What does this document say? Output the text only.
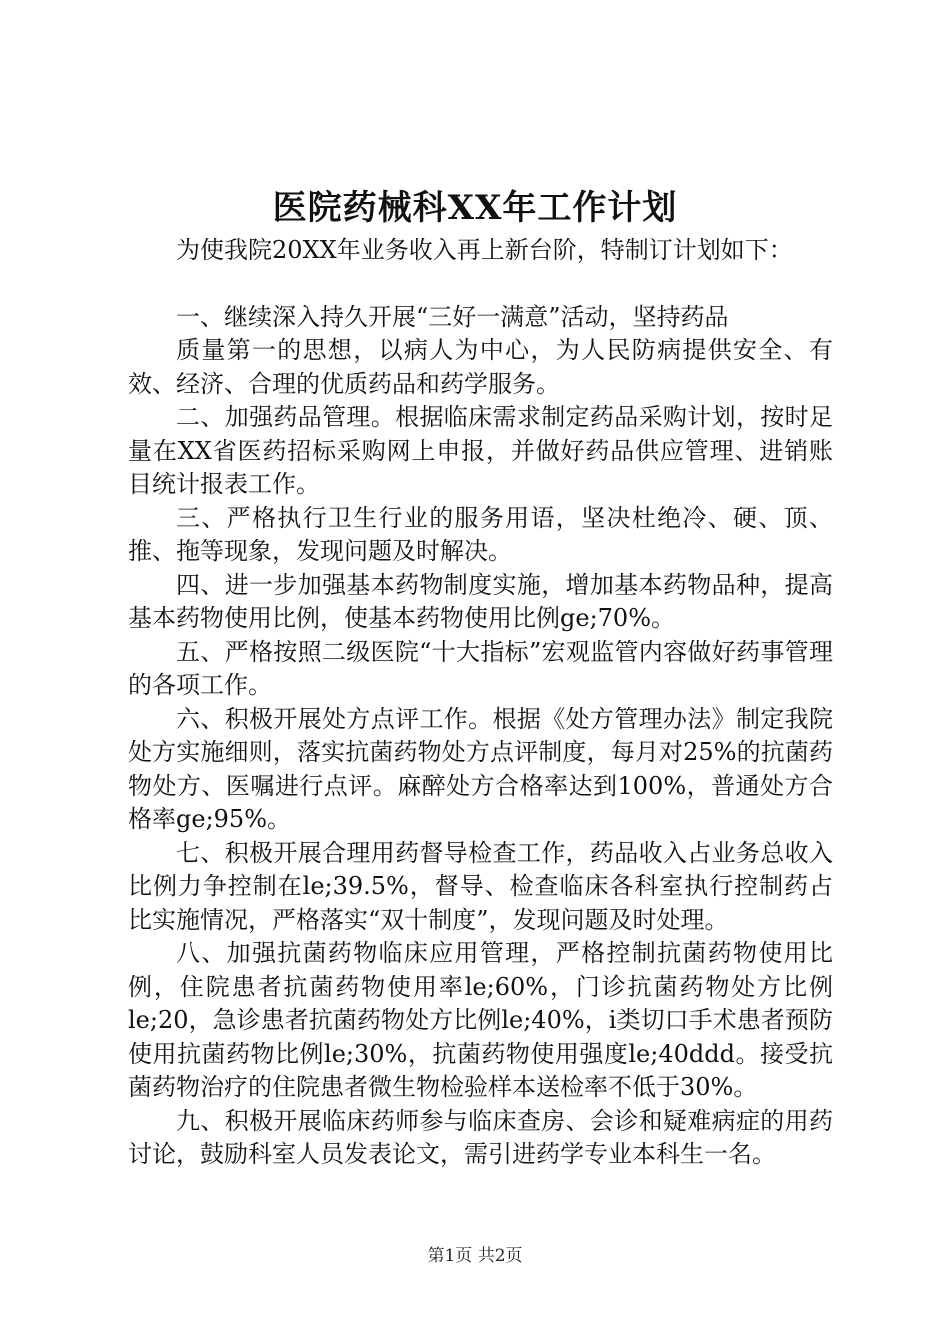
医院药械科XX年工作计划

为使我院20XX年业务收入再上新台阶，特制订计划如下：

一、继续深入持久开展“三好一满意”活动，坚持药品

质量第一的思想，以病人为中心，为人民防病提供安全、有效、经济、合理的优质药品和药学服务。

二、加强药品管理。根据临床需求制定药品采购计划，按时足量在XX省医药招标采购网上申报，并做好药品供应管理、进销账目统计报表工作。

三、严格执行卫生行业的服务用语，坚决杜绝冷、硬、顶、推、拖等现象，发现问题及时解决。

四、进一步加强基本药物制度实施，增加基本药物品种，提高基本药物使用比例，使基本药物使用比例ge;70%。

五、严格按照二级医院“十大指标”宏观监管内容做好药事管理的各项工作。

六、积极开展处方点评工作。根据《处方管理办法》制定我院处方实施细则，落实抗菌药物处方点评制度，每月对25%的抗菌药物处方、医嘱进行点评。麻醉处方合格率达到100%，普通处方合格率ge;95%。

七、积极开展合理用药督导检查工作，药品收入占业务总收入比例力争控制在le;39.5%，督导、检查临床各科室执行控制药占比实施情况，严格落实“双十制度”，发现问题及时处理。

八、加强抗菌药物临床应用管理，严格控制抗菌药物使用比例，住院患者抗菌药物使用率le;60%，门诊抗菌药物处方比例le;20，急诊患者抗菌药物处方比例le;40%，ⅰ类切口手术患者预防使用抗菌药物比例le;30%，抗菌药物使用强度le;40ddd。接受抗菌药物治疗的住院患者微生物检验样本送检率不低于30%。

九、积极开展临床药师参与临床查房、会诊和疑难病症的用药讨论，鼓励科室人员发表论文，需引进药学专业本科生一名。

第1页 共2页
